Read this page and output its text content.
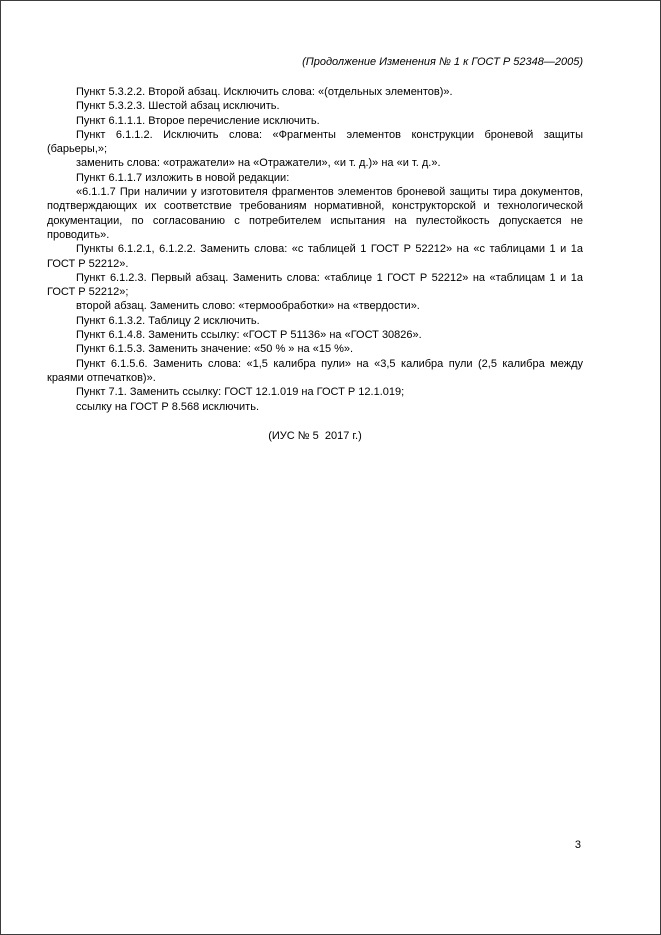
(Продолжение Изменения № 1 к ГОСТ Р 52348—2005)

Пункт 5.3.2.2. Второй абзац. Исключить слова: «(отдельных элементов)».

Пункт 5.3.2.3. Шестой абзац исключить.

Пункт 6.1.1.1. Второе перечисление исключить.

Пункт 6.1.1.2. Исключить слова: «Фрагменты элементов конструкции броневой защиты (барьеры,»;

заменить слова: «отражатели» на «Отражатели», «и т. д.)» на «и т. д.».

Пункт 6.1.1.7 изложить в новой редакции:

«6.1.1.7 При наличии у изготовителя фрагментов элементов броневой защиты тира документов, подтверждающих их соответствие требованиям нормативной, конструкторской и технологической документации, по согласованию с потребителем испытания на пулестойкость допускается не проводить».

Пункты 6.1.2.1, 6.1.2.2. Заменить слова: «с таблицей 1 ГОСТ Р 52212» на «с таблицами 1 и 1а ГОСТ Р 52212».

Пункт 6.1.2.3. Первый абзац. Заменить слова: «таблице 1 ГОСТ Р 52212» на «таблицам 1 и 1а ГОСТ Р 52212»;

второй абзац. Заменить слово: «термообработки» на «твердости».

Пункт 6.1.3.2. Таблицу 2 исключить.

Пункт 6.1.4.8. Заменить ссылку: «ГОСТ Р 51136» на «ГОСТ 30826».

Пункт 6.1.5.3. Заменить значение: «50 % » на «15 %».

Пункт 6.1.5.6. Заменить слова: «1,5 калибра пули» на «3,5 калибра пули (2,5 калибра между краями отпечатков)».

Пункт 7.1. Заменить ссылку: ГОСТ 12.1.019 на ГОСТ Р 12.1.019;

ссылку на ГОСТ Р 8.568 исключить.

(ИУС № 5  2017 г.)
3
